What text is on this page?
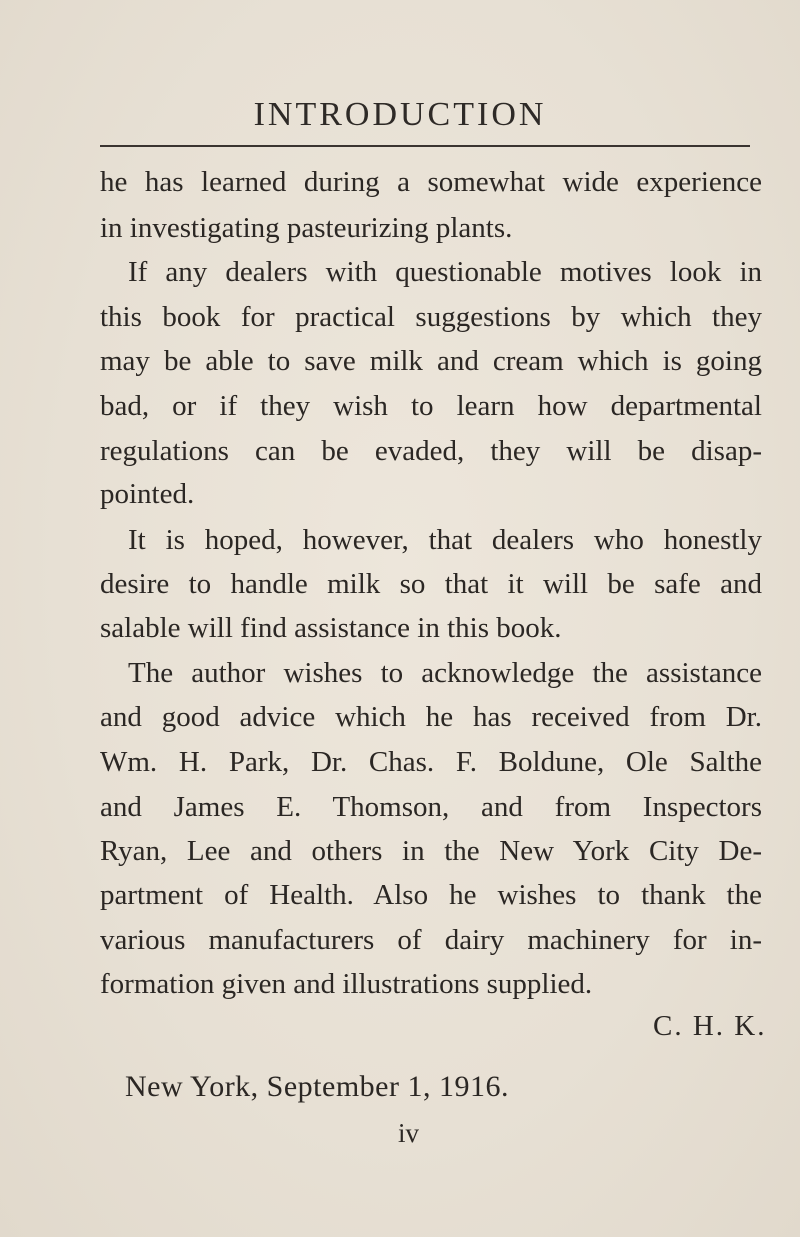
INTRODUCTION
he has learned during a somewhat wide experience
in investigating pasteurizing plants.
If any dealers with questionable motives look in
this book for practical suggestions by which they
may be able to save milk and cream which is going
bad, or if they wish to learn how departmental
regulations can be evaded, they will be disap-
pointed.
It is hoped, however, that dealers who honestly
desire to handle milk so that it will be safe and
salable will find assistance in this book.
The author wishes to acknowledge the assistance
and good advice which he has received from Dr.
Wm. H. Park, Dr. Chas. F. Boldune, Ole Salthe
and James E. Thomson, and from Inspectors
Ryan, Lee and others in the New York City De-
partment of Health. Also he wishes to thank the
various manufacturers of dairy machinery for in-
formation given and illustrations supplied.
C. H. K.
New York, September 1, 1916.
iv
